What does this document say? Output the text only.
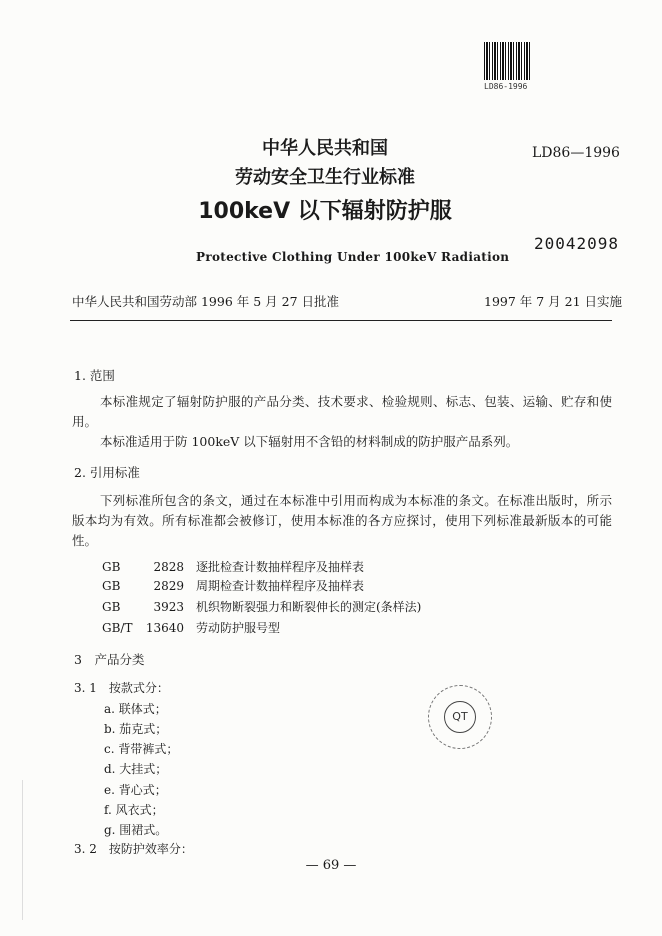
LD86-1996
中华人民共和国
劳动安全卫生行业标准
100keV 以下辐射防护服
LD86—1996
20042098
Protective Clothing Under 100keV Radiation
中华人民共和国劳动部 1996 年 5 月 27 日批准	1997 年 7 月 21 日实施
1. 范围
本标准规定了辐射防护服的产品分类、技术要求、检验规则、标志、包装、运输、贮存和使用。
本标准适用于防 100keV 以下辐射用不含铅的材料制成的防护服产品系列。
2. 引用标准
下列标准所包含的条文，通过在本标准中引用而构成为本标准的条文。在标准出版时，所示版本均为有效。所有标准都会被修订，使用本标准的各方应探讨，使用下列标准最新版本的可能性。
GB	2828 逐批检查计数抽样程序及抽样表
GB	2829 周期检查计数抽样程序及抽样表
GB	3923 机织物断裂强力和断裂伸长的测定(条样法)
GB/T 13640 劳动防护服号型
3　产品分类
3. 1　按款式分：
a. 联体式；
b. 茄克式；
c. 背带裤式；
d. 大挂式；
e. 背心式；
f. 风衣式；
g. 围裙式。
3. 2　按防护效率分：
QT
— 69 —
